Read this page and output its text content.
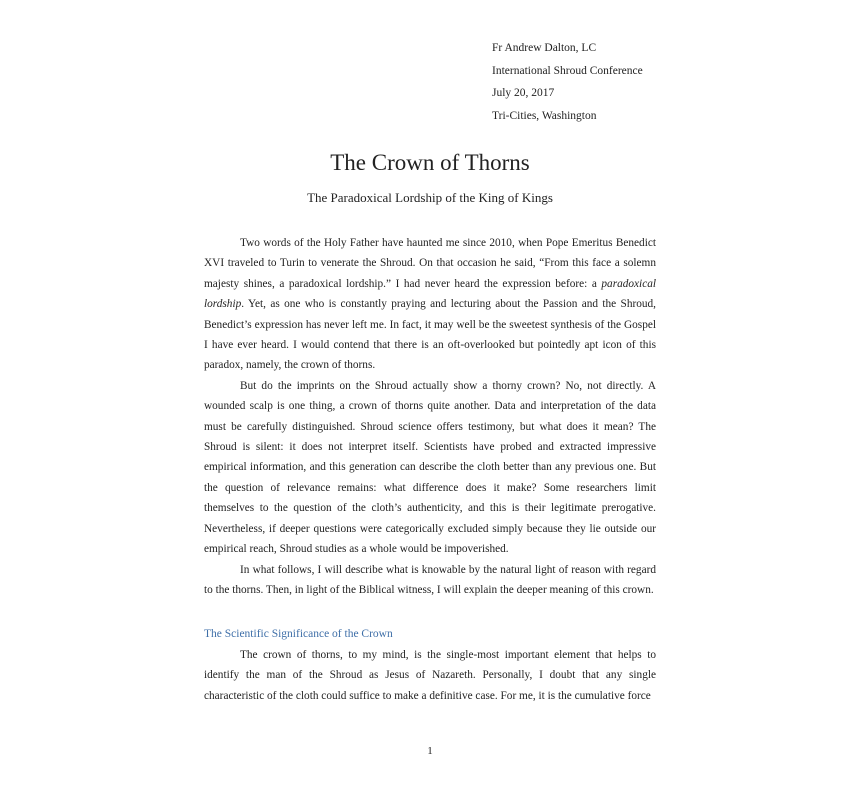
Fr Andrew Dalton, LC
International Shroud Conference
July 20, 2017
Tri-Cities, Washington
The Crown of Thorns
The Paradoxical Lordship of the King of Kings

Two words of the Holy Father have haunted me since 2010, when Pope Emeritus Benedict XVI traveled to Turin to venerate the Shroud. On that occasion he said, “From this face a solemn majesty shines, a paradoxical lordship.” I had never heard the expression before: a paradoxical lordship. Yet, as one who is constantly praying and lecturing about the Passion and the Shroud, Benedict’s expression has never left me. In fact, it may well be the sweetest synthesis of the Gospel I have ever heard. I would contend that there is an oft-overlooked but pointedly apt icon of this paradox, namely, the crown of thorns.

But do the imprints on the Shroud actually show a thorny crown? No, not directly. A wounded scalp is one thing, a crown of thorns quite another. Data and interpretation of the data must be carefully distinguished. Shroud science offers testimony, but what does it mean? The Shroud is silent: it does not interpret itself. Scientists have probed and extracted impressive empirical information, and this generation can describe the cloth better than any previous one. But the question of relevance remains: what difference does it make? Some researchers limit themselves to the question of the cloth’s authenticity, and this is their legitimate prerogative. Nevertheless, if deeper questions were categorically excluded simply because they lie outside our empirical reach, Shroud studies as a whole would be impoverished.

In what follows, I will describe what is knowable by the natural light of reason with regard to the thorns. Then, in light of the Biblical witness, I will explain the deeper meaning of this crown.

The Scientific Significance of the Crown

The crown of thorns, to my mind, is the single-most important element that helps to identify the man of the Shroud as Jesus of Nazareth. Personally, I doubt that any single characteristic of the cloth could suffice to make a definitive case. For me, it is the cumulative force

1
